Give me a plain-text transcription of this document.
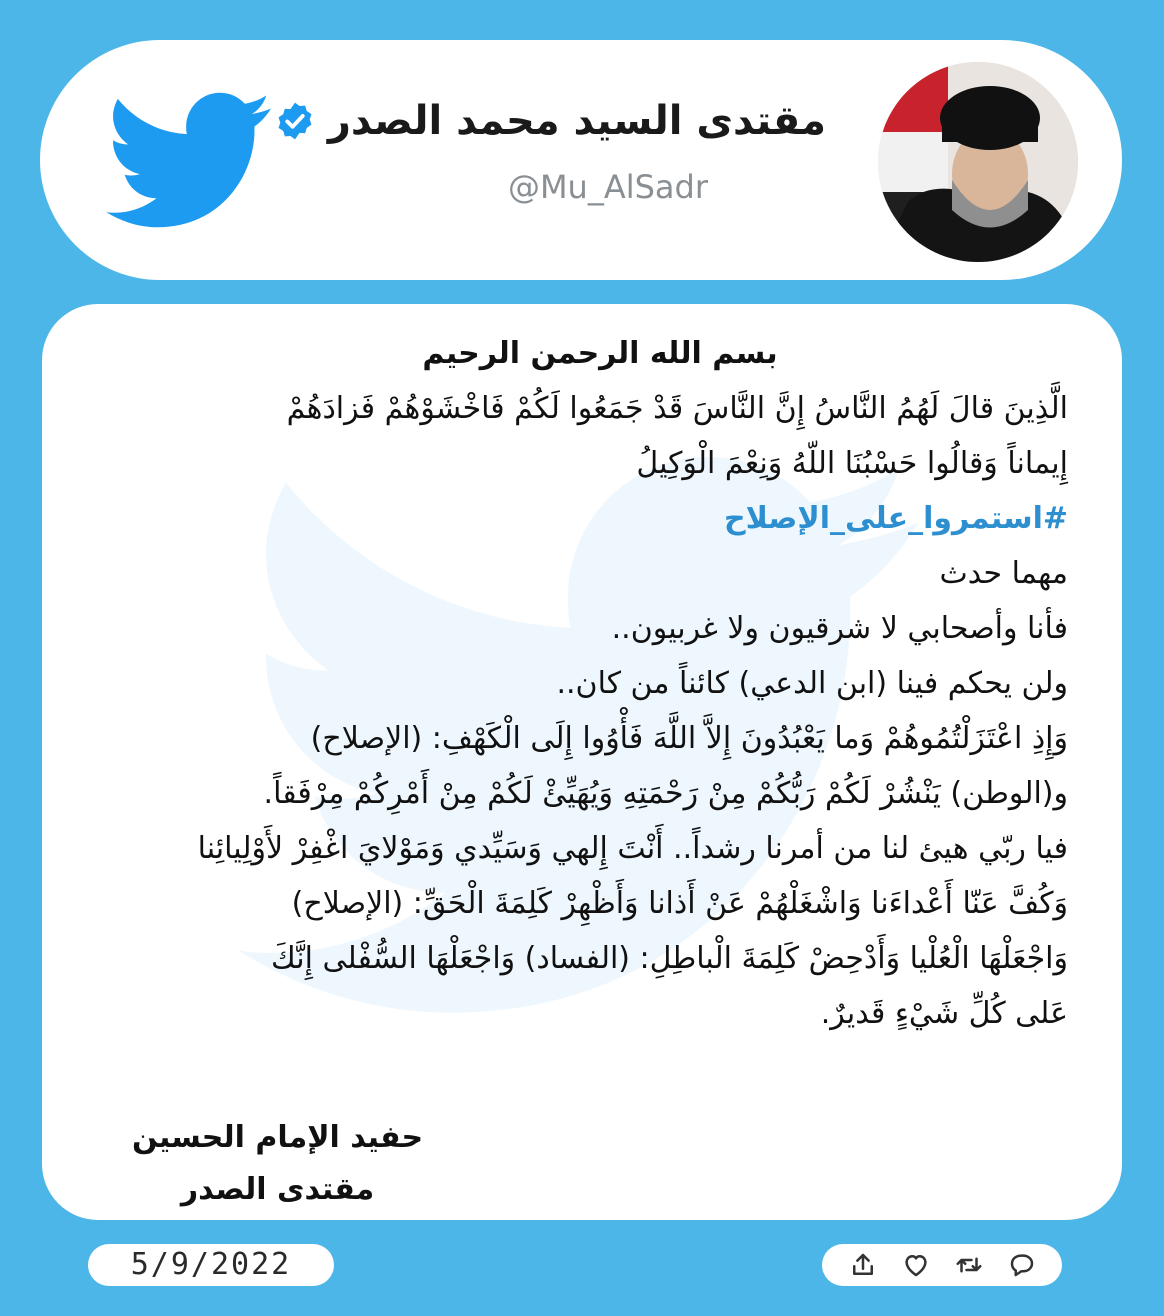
مقتدى السيد محمد الصدر
@Mu_AlSadr
بسم الله الرحمن الرحيم
الَّذِينَ قالَ لَهُمُ النَّاسُ إِنَّ النَّاسَ قَدْ جَمَعُوا لَكُمْ فَاخْشَوْهُمْ فَزادَهُمْ
إِيماناً وَقالُوا حَسْبُنَا اللّهُ وَنِعْمَ الْوَكِيلُ
#استمروا_على_الإصلاح
مهما حدث
فأنا وأصحابي لا شرقيون ولا غربيون..
ولن يحكم فينا (ابن الدعي) كائناً من كان..
وَإِذِ اعْتَزَلْتُمُوهُمْ وَما يَعْبُدُونَ إِلاَّ اللَّهَ فَأْوُوا إِلَى الْكَهْفِ: (الإصلاح)
و(الوطن) يَنْشُرْ لَكُمْ رَبُّكُمْ مِنْ رَحْمَتِهِ وَيُهَيِّئْ لَكُمْ مِنْ أَمْرِكُمْ مِرْفَقاً.
فيا ربّي هيئ لنا من أمرنا رشداً.. أَنْتَ إِلهي وَسَيِّدي وَمَوْلايَ اغْفِرْ لأَوْلِيائِنا
وَكُفَّ عَنّا أَعْداءَنا وَاشْغَلْهُمْ عَنْ أَذانا وَأَظْهِرْ كَلِمَةَ الْحَقِّ: (الإصلاح)
وَاجْعَلْهَا الْعُلْيا وَأَدْحِضْ كَلِمَةَ الْباطِلِ: (الفساد) وَاجْعَلْهَا السُّفْلى إِنَّكَ
عَلى كُلِّ شَيْءٍ قَديرٌ.
حفيد الإمام الحسين
مقتدى الصدر
5/9/2022
